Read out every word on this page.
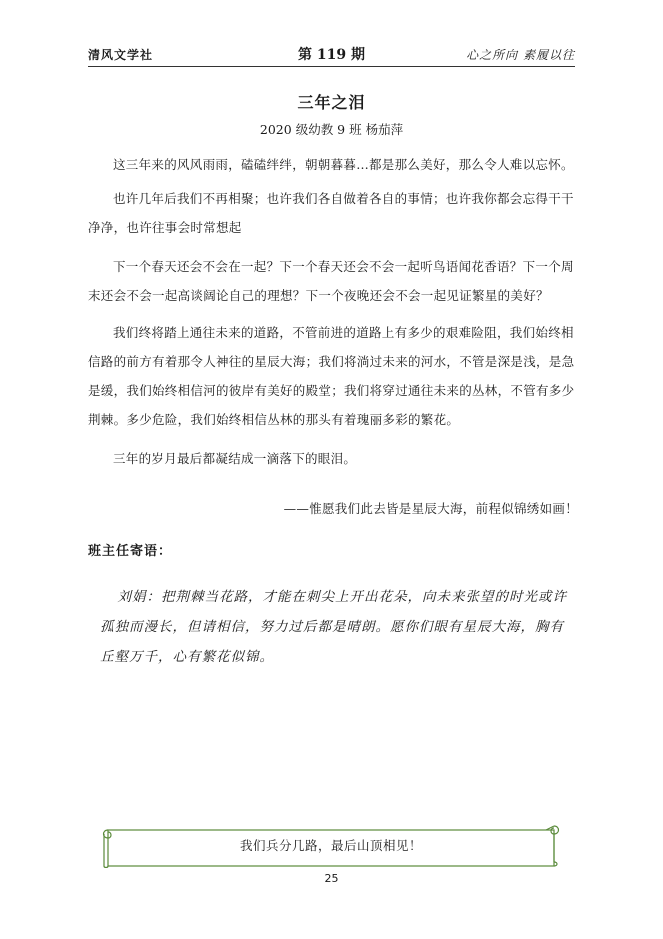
清风文学社	第 119 期	心之所向 素履以往
三年之泪
2020 级幼教 9 班 杨茄萍
这三年来的风风雨雨，磕磕绊绊，朝朝暮暮…都是那么美好，那么令人难以忘怀。
也许几年后我们不再相聚；也许我们各自做着各自的事情；也许我你都会忘得干干净净，也许往事会时常想起
下一个春天还会不会在一起？下一个春天还会不会一起听鸟语闻花香语？下一个周末还会不会一起高谈阔论自己的理想？下一个夜晚还会不会一起见证繁星的美好？
我们终将踏上通往未来的道路，不管前进的道路上有多少的艰难险阻，我们始终相信路的前方有着那令人神往的星辰大海；我们将淌过未来的河水，不管是深是浅，是急是缓，我们始终相信河的彼岸有美好的殿堂；我们将穿过通往未来的丛林，不管有多少荆棘。多少危险，我们始终相信丛林的那头有着瑰丽多彩的繁花。
三年的岁月最后都凝结成一滴落下的眼泪。
——惟愿我们此去皆是星辰大海，前程似锦绣如画！
班主任寄语：
刘娟：把荆棘当花路，才能在刺尖上开出花朵，向未来张望的时光或许孤独而漫长，但请相信，努力过后都是晴朗。愿你们眼有星辰大海，胸有丘壑万千，心有繁花似锦。
我们兵分几路，最后山顶相见！
25
